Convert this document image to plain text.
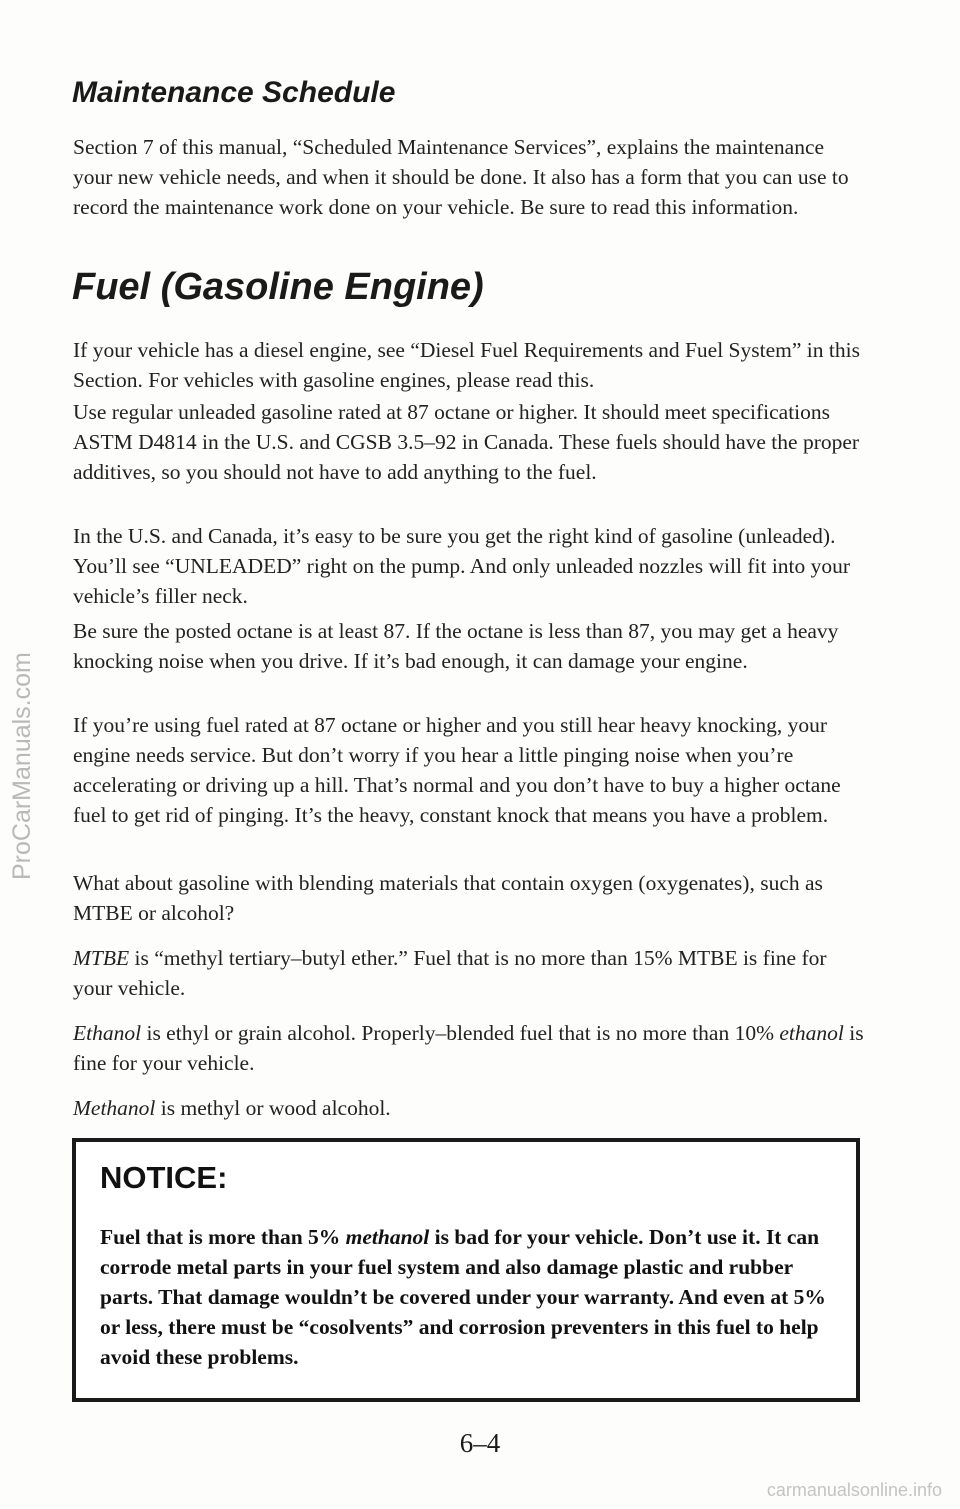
Maintenance Schedule

Section 7 of this manual, “Scheduled Maintenance Services”, explains the maintenance your new vehicle needs, and when it should be done. It also has a form that you can use to record the maintenance work done on your vehicle. Be sure to read this information.

Fuel (Gasoline Engine)

If your vehicle has a diesel engine, see “Diesel Fuel Requirements and Fuel System” in this Section. For vehicles with gasoline engines, please read this.

Use regular unleaded gasoline rated at 87 octane or higher. It should meet specifications ASTM D4814 in the U.S. and CGSB 3.5–92 in Canada. These fuels should have the proper additives, so you should not have to add anything to the fuel.

In the U.S. and Canada, it’s easy to be sure you get the right kind of gasoline (unleaded). You’ll see “UNLEADED” right on the pump. And only unleaded nozzles will fit into your vehicle’s filler neck.

Be sure the posted octane is at least 87. If the octane is less than 87, you may get a heavy knocking noise when you drive. If it’s bad enough, it can damage your engine.

If you’re using fuel rated at 87 octane or higher and you still hear heavy knocking, your engine needs service. But don’t worry if you hear a little pinging noise when you’re accelerating or driving up a hill. That’s normal and you don’t have to buy a higher octane fuel to get rid of pinging. It’s the heavy, constant knock that means you have a problem.

What about gasoline with blending materials that contain oxygen (oxygenates), such as MTBE or alcohol?

MTBE is “methyl tertiary–butyl ether.” Fuel that is no more than 15% MTBE is fine for your vehicle.

Ethanol is ethyl or grain alcohol. Properly–blended fuel that is no more than 10% ethanol is fine for your vehicle.

Methanol is methyl or wood alcohol.

NOTICE:

Fuel that is more than 5% methanol is bad for your vehicle. Don’t use it. It can corrode metal parts in your fuel system and also damage plastic and rubber parts. That damage wouldn’t be covered under your warranty. And even at 5% or less, there must be “cosolvents” and corrosion preventers in this fuel to help avoid these problems.

6–4
ProCarManuals.com
carmanualsonline.info
